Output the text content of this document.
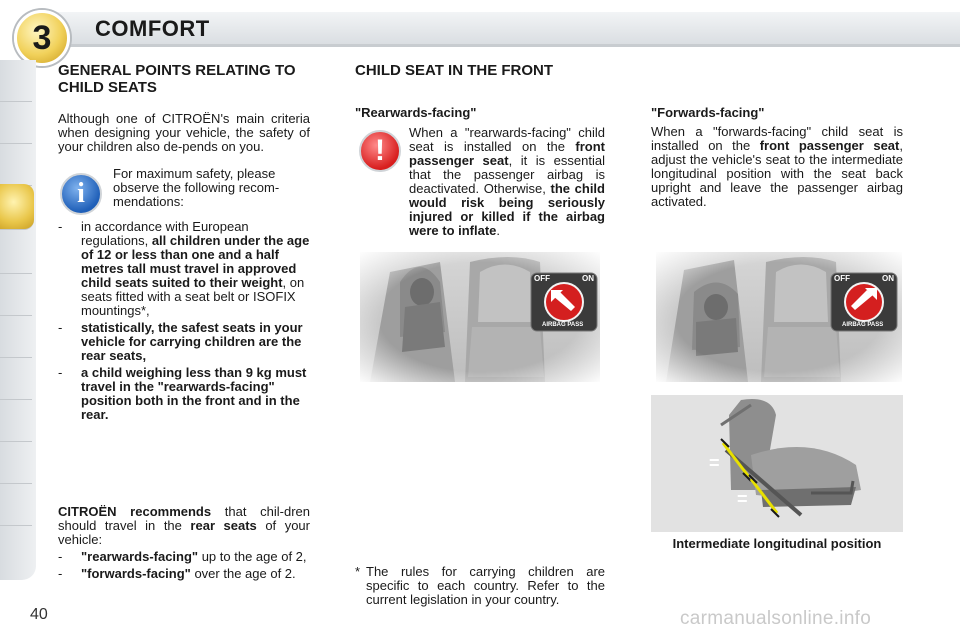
3	COMFORT
GENERAL POINTS RELATING TO CHILD SEATS

Although one of CITROËN's main criteria when designing your vehicle, the safety of your children also de-pends on you.

i

For maximum safety, please observe the following recom-mendations:

- in accordance with European regulations, all children under the age of 12 or less than one and a half metres tall must travel in approved child seats suited to their weight, on seats fitted with a seat belt or ISOFIX mountings*,
- statistically, the safest seats in your vehicle for carrying children are the rear seats,
- a child weighing less than 9 kg must travel in the "rearwards-facing" position both in the front and in the rear.

CITROËN recommends that chil-dren should travel in the rear seats of your vehicle:

- "rearwards-facing" up to the age of 2,
- "forwards-facing" over the age of 2.
CHILD SEAT IN THE FRONT
"Rearwards-facing"
!

When a "rearwards-facing" child seat is installed on the front passenger seat, it is essential that the passenger airbag is deactivated. Otherwise, the child would risk being seriously injured or killed if the airbag were to inflate.

"Forwards-facing"

When a "forwards-facing" child seat is installed on the front passenger seat, adjust the vehicle's seat to the intermediate longitudinal position with the seat back upright and leave the passenger airbag activated.

OFF	ON
AIRBAG PASS
OFF	ON
AIRBAG PASS
=
=
Intermediate longitudinal position
* The rules for carrying children are specific to each country. Refer to the current legislation in your country.
40	carmanualsonline.info
